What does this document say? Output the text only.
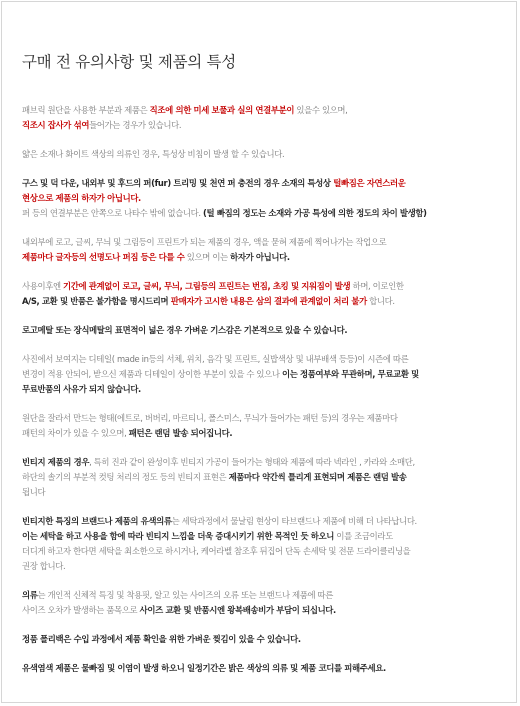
구매 전 유의사항 및 제품의 특성
패브릭 원단을 사용한 부분과 제품은 직조에 의한 미세 보풀과 실의 연결부분이 있을수 있으며,
직조시 잡사가 섞여들어가는 경우가 있습니다.
얇은 소재나 화이트 색상의 의류인 경우, 특성상 비침이 발생 할 수 있습니다.
구스 및 덕 다운, 내외부 및 후드의 퍼(fur) 트리밍 및 천연 퍼 충전의 경우 소재의 특성상 털빠짐은 자연스러운
현상으로 제품의 하자가 아닙니다.
퍼 등의 연결부분은 안쪽으로 나타수 밖에 없습니다. (털 빠짐의 정도는 소재와 가공 특성에 의한 정도의 차이 발생함)
내외부에 로고, 글씨, 무늬 및 그림등이 프린트가 되는 제품의 경우, 액을 묻혀 제품에 찍어나가는 작업으로
제품마다 글자등의 선명도나 퍼짐 등은 다를 수 있으며 이는 하자가 아닙니다.
사용이후엔 기간에 관계없이 로고, 글씨, 무늬, 그림등의 프린트는 번짐, 초킹 및 지워짐이 발생 하며, 이로인한
A/S, 교환 및 반품은 불가함을 명시드리며 판매자가 고시한 내용은 삼의 결과에 관계없이 처리 불가 합니다.
로고메탈 또는 장식메탈의 표면적이 넓은 경우 가벼운 기스감은 기본적으로 있을 수 있습니다.
사진에서 보여지는 디테일( made in등의 서체, 위치, 음각 및 프린트, 실밥색상 및 내부배색 등등)이 시즌에 따른
변경이 적용 안되어, 받으신 제품과 디테일이 상이한 부분이 있을 수 있으나 이는 정품여부와 무관하며, 무료교환 및
무료반품의 사유가 되지 않습니다.
원단을 잘라서 만드는 형태(에트로, 버버리, 마르티니, 폴스미스, 무늬가 들어가는 패턴 등)의 경우는 제품마다
패턴의 차이가 있을 수 있으며, 패턴은 랜덤 발송 되어집니다.
빈티지 제품의 경우, 특히 진과 같이 완성이후 빈티지 가공이 들어가는 형태와 제품에 따라 넥라인 , 카라와 소매단,
하단의 솔기의 부분적 컷팅 처리의 정도 등의 빈티지 표현은 제품마다 약간씩 틀리게 표현되며 제품은 랜덤 발송
됩니다
빈티지한 특징의 브랜드나 제품의 유색의류는 세탁과정에서 물날림 현상이 타브랜드나 제품에 비해 더 나타납니다.
이는 세탁을 하고 사용을 함에 따라 빈티지 느낌을 더욱 증대시키기 위한 목적인 듯 하오니 이를 조금이라도
더디게 하고자 한다면 세탁을 최소한으로 하시거나, 케어라벨 참조후 뒤집어 단독 손세탁 및 전문 드라이클리닝을
권장 합니다.
의류는 개인적 신체적 특징 및 착용핏, 알고 있는 사이즈의 오류 또는 브랜드나 제품에 따른
사이즈 오차가 발생하는 품목으로 사이즈 교환 및 반품시엔 왕복배송비가 부담이 되십니다.
정품 폴리백은 수입 과정에서 제품 확인을 위한 가벼운 찢김이 있을 수 있습니다.
유색염색 제품은 물빠짐 및 이염이 발생 하오니 일정기간은 밝은 색상의 의류 및 제품 코디를 피해주세요.
